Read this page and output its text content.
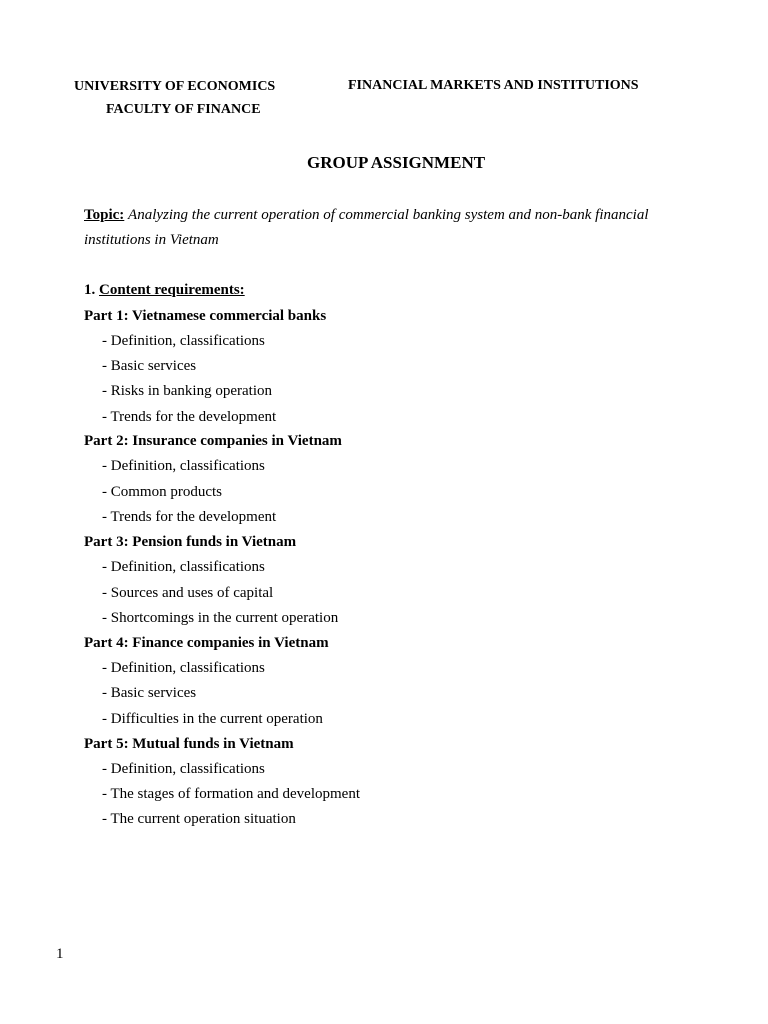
UNIVERSITY OF ECONOMICS
FACULTY OF FINANCE
FINANCIAL MARKETS AND INSTITUTIONS
GROUP ASSIGNMENT
Topic: Analyzing the current operation of commercial banking system and non-bank financial
institutions in Vietnam
1. Content requirements:
Part 1: Vietnamese commercial banks
- Definition, classifications
- Basic services
- Risks in banking operation
- Trends for the development
Part 2: Insurance companies in Vietnam
- Definition, classifications
- Common products
- Trends for the development
Part 3: Pension funds in Vietnam
- Definition, classifications
- Sources and uses of capital
- Shortcomings in the current operation
Part 4: Finance companies in Vietnam
- Definition, classifications
- Basic services
- Difficulties in the current operation
Part 5: Mutual funds in Vietnam
- Definition, classifications
- The stages of formation and development
- The current operation situation
1
